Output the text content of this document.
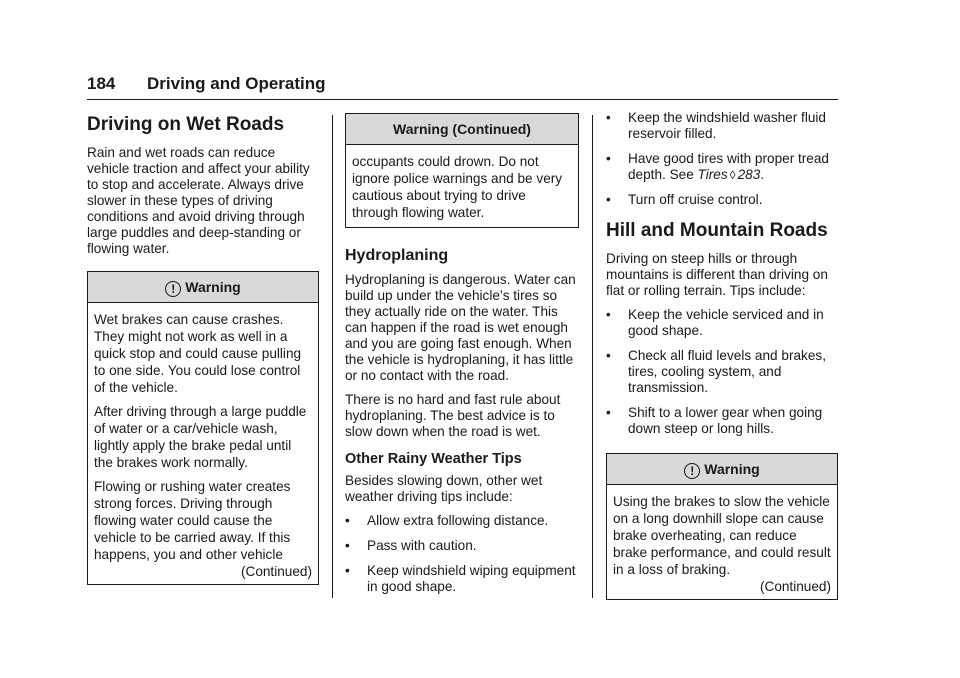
184 Driving and Operating
Driving on Wet Roads

Rain and wet roads can reduce vehicle traction and affect your ability to stop and accelerate. Always drive slower in these types of driving conditions and avoid driving through large puddles and deep-standing or flowing water.

! Warning

Wet brakes can cause crashes. They might not work as well in a quick stop and could cause pulling to one side. You could lose control of the vehicle.

After driving through a large puddle of water or a car/vehicle wash, lightly apply the brake pedal until the brakes work normally.

Flowing or rushing water creates strong forces. Driving through flowing water could cause the vehicle to be carried away. If this happens, you and other vehicle

(Continued)
Warning (Continued)

occupants could drown. Do not ignore police warnings and be very cautious about trying to drive through flowing water.

Hydroplaning

Hydroplaning is dangerous. Water can build up under the vehicle’s tires so they actually ride on the water. This can happen if the road is wet enough and you are going fast enough. When the vehicle is hydroplaning, it has little or no contact with the road.

There is no hard and fast rule about hydroplaning. The best advice is to slow down when the road is wet.

Other Rainy Weather Tips

Besides slowing down, other wet weather driving tips include:

• Allow extra following distance.
• Pass with caution.
• Keep windshield wiping equipment in good shape.
• Keep the windshield washer fluid reservoir filled.
• Have good tires with proper tread depth. See Tires ◊ 283.
• Turn off cruise control.
Hill and Mountain Roads

Driving on steep hills or through mountains is different than driving on flat or rolling terrain. Tips include:

• Keep the vehicle serviced and in good shape.
• Check all fluid levels and brakes, tires, cooling system, and transmission.
• Shift to a lower gear when going down steep or long hills.
! Warning

Using the brakes to slow the vehicle on a long downhill slope can cause brake overheating, can reduce brake performance, and could result in a loss of braking.

(Continued)
